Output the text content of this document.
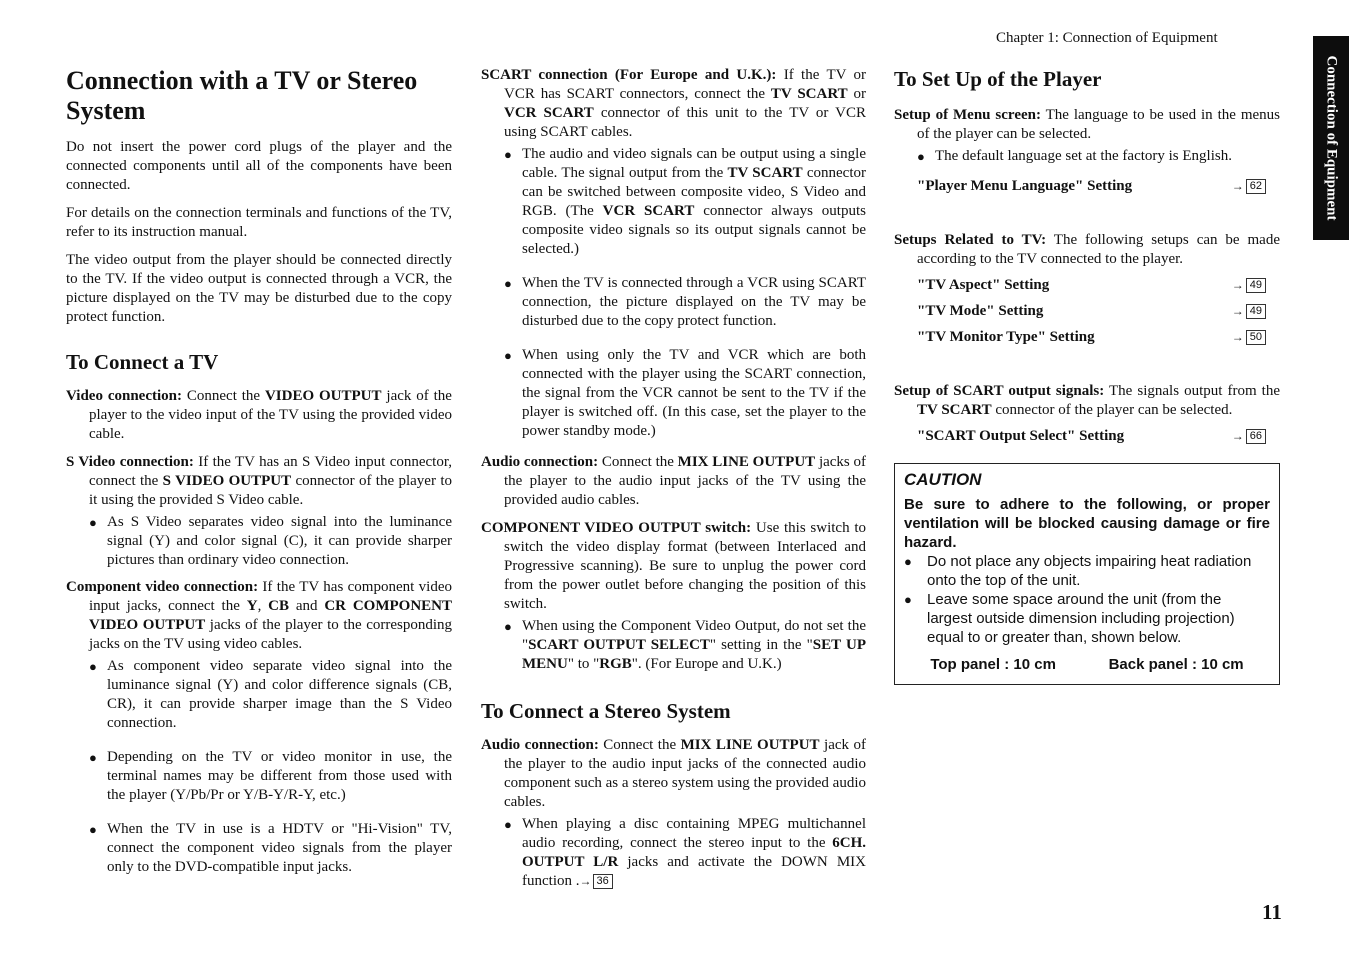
Chapter 1: Connection of Equipment
Connection of Equipment
11
Connection with a TV or Stereo System

Do not insert the power cord plugs of the player and the connected components until all of the components have been connected.

For details on the connection terminals and functions of the TV, refer to its instruction manual.

The video output from the player should be connected directly to the TV. If the video output is connected through a VCR, the picture displayed on the TV may be disturbed due to the copy protect function.

To Connect a TV

Video connection: Connect the VIDEO OUTPUT jack of the player to the video input of the TV using the provided video cable.

S Video connection: If the TV has an S Video input connector, connect the S VIDEO OUTPUT connector of the player to it using the provided S Video cable.

● As S Video separates video signal into the luminance signal (Y) and color signal (C), it can provide sharper pictures than ordinary video connection.

Component video connection: If the TV has component video input jacks, connect the Y, CB and CR COMPONENT VIDEO OUTPUT jacks of the player to the corresponding jacks on the TV using video cables.

● As component video separate video signal into the luminance signal (Y) and color difference signals (CB, CR), it can provide sharper image than the S Video connection.
● Depending on the TV or video monitor in use, the terminal names may be different from those used with the player (Y/Pb/Pr or Y/B-Y/R-Y, etc.)
● When the TV in use is a HDTV or "Hi-Vision" TV, connect the component video signals from the player only to the DVD-compatible input jacks.

SCART connection (For Europe and U.K.): If the TV or VCR has SCART connectors, connect the TV SCART or VCR SCART connector of this unit to the TV or VCR using SCART cables.

● The audio and video signals can be output using a single cable. The signal output from the TV SCART connector can be switched between composite video, S Video and RGB. (The VCR SCART connector always outputs composite video signals so its output signals cannot be selected.)
● When the TV is connected through a VCR using SCART connection, the picture displayed on the TV may be disturbed due to the copy protect function.
● When using only the TV and VCR which are both connected with the player using the SCART connection, the signal from the VCR cannot be sent to the TV if the player is switched off. (In this case, set the player to the power standby mode.)

Audio connection: Connect the MIX LINE OUTPUT jacks of the player to the audio input jacks of the TV using the provided audio cables.

COMPONENT VIDEO OUTPUT switch: Use this switch to switch the video display format (between Interlaced and Progressive scanning). Be sure to unplug the power cord from the power outlet before changing the position of this switch.

● When using the Component Video Output, do not set the "SCART OUTPUT SELECT" setting in the "SET UP MENU" to "RGB". (For Europe and U.K.)
To Connect a Stereo System

Audio connection: Connect the MIX LINE OUTPUT jack of the player to the audio input jacks of the connected audio component such as a stereo system using the provided audio cables.

● When playing a disc containing MPEG multichannel audio recording, connect the stereo input to the 6CH. OUTPUT L/R jacks and activate the DOWN MIX function . → 36
To Set Up of the Player

Setup of Menu screen: The language to be used in the menus of the player can be selected.

● The default language set at the factory is English.
"Player Menu Language" Setting	→ 62

Setups Related to TV: The following setups can be made according to the TV connected to the player.

"TV Aspect" Setting	→ 49
"TV Mode" Setting	→ 49
"TV Monitor Type" Setting	→ 50

Setup of SCART output signals: The signals output from the TV SCART connector of the player can be selected.

"SCART Output Select" Setting	→ 66
CAUTION
Be sure to adhere to the following, or proper ventilation will be blocked causing damage or fire hazard.
● Do not place any objects impairing heat radiation onto the top of the unit.
● Leave some space around the unit (from the largest outside dimension including projection) equal to or greater than, shown below.
Top panel : 10 cm	Back panel : 10 cm
